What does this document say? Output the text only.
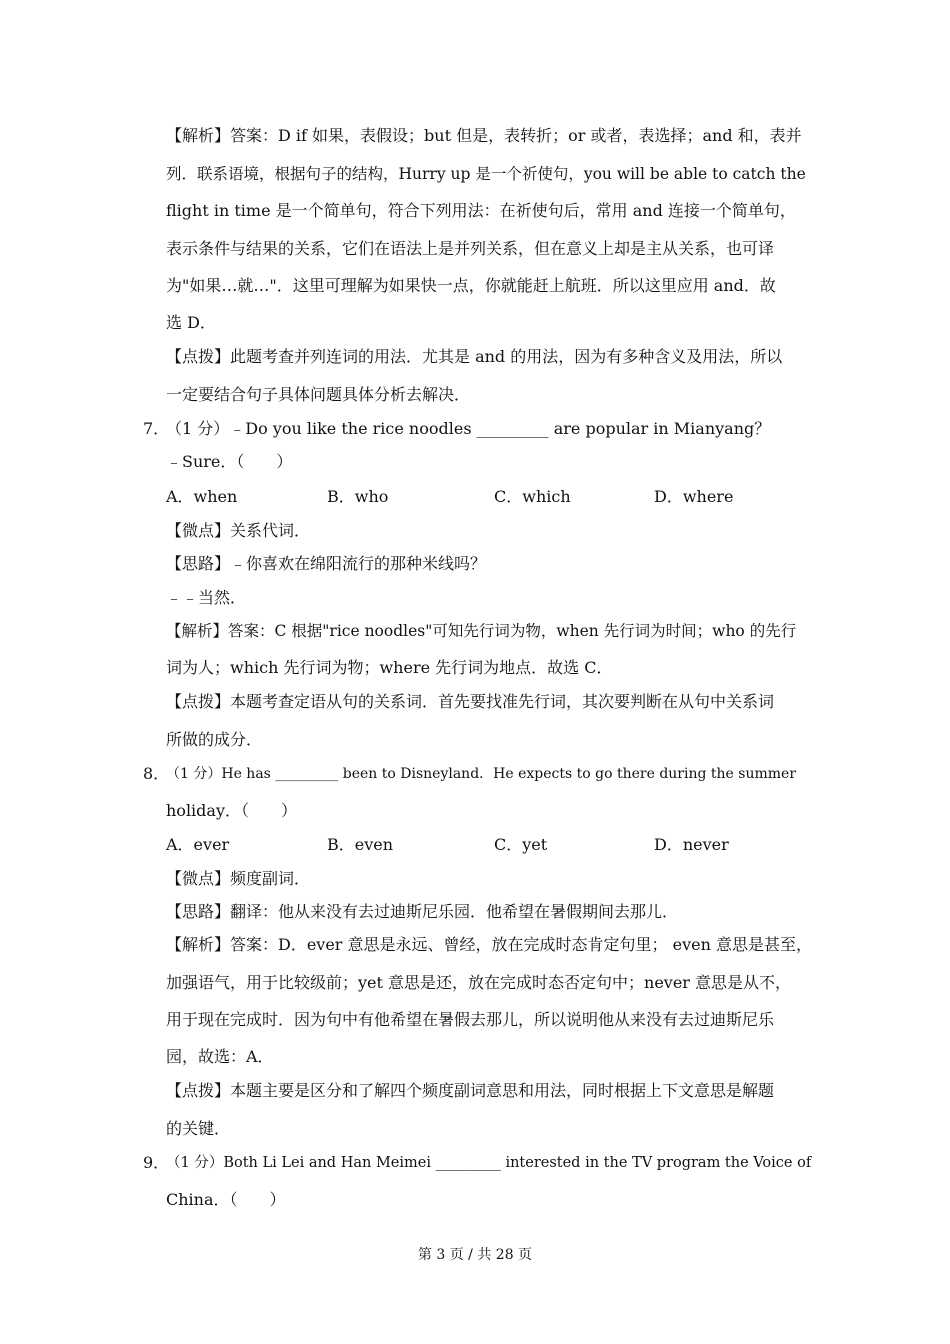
【解析】答案：D if 如果，表假设；but 但是，表转折；or 或者，表选择；and 和，表并
列．联系语境，根据句子的结构，Hurry up 是一个祈使句，you will be able to catch the
flight in time 是一个简单句，符合下列用法：在祈使句后，常用 and 连接一个简单句，
表示条件与结果的关系，它们在语法上是并列关系，但在意义上却是主从关系，也可译
为"如果…就…"．这里可理解为如果快一点，你就能赶上航班．所以这里应用 and．故
选 D．
【点拨】此题考查并列连词的用法．尤其是 and 的用法，因为有多种含义及用法，所以
一定要结合句子具体问题具体分析去解决．
7．
（1 分）﹣Do you like the rice noodles _________ are popular in Mianyang？
﹣Sure．（　　）
A．when	B．who	C．which	D．where
【微点】关系代词．
【思路】﹣你喜欢在绵阳流行的那种米线吗？
﹣﹣当然．
【解析】答案：C 根据"rice noodles"可知先行词为物，when 先行词为时间；who 的先行
词为人；which 先行词为物；where 先行词为地点．故选 C．
【点拨】本题考查定语从句的关系词．首先要找准先行词，其次要判断在从句中关系词
所做的成分．
8．
（1 分）He has _________ been to Disneyland．He expects to go there during the summer
holiday．（　　）
A．ever	B．even	C．yet	D．never
【微点】频度副词．
【思路】翻译：他从来没有去过迪斯尼乐园．他希望在暑假期间去那儿．
【解析】答案：D．ever 意思是永远、曾经，放在完成时态肯定句里； even 意思是甚至，
加强语气，用于比较级前；yet 意思是还，放在完成时态否定句中；never 意思是从不，
用于现在完成时．因为句中有他希望在暑假去那儿，所以说明他从来没有去过迪斯尼乐
园，故选：A．
【点拨】本题主要是区分和了解四个频度副词意思和用法，同时根据上下文意思是解题
的关键．
9．
（1 分）Both Li Lei and Han Meimei _________ interested in the TV program the Voice of
China．（　　）
第 3 页 / 共 28 页
